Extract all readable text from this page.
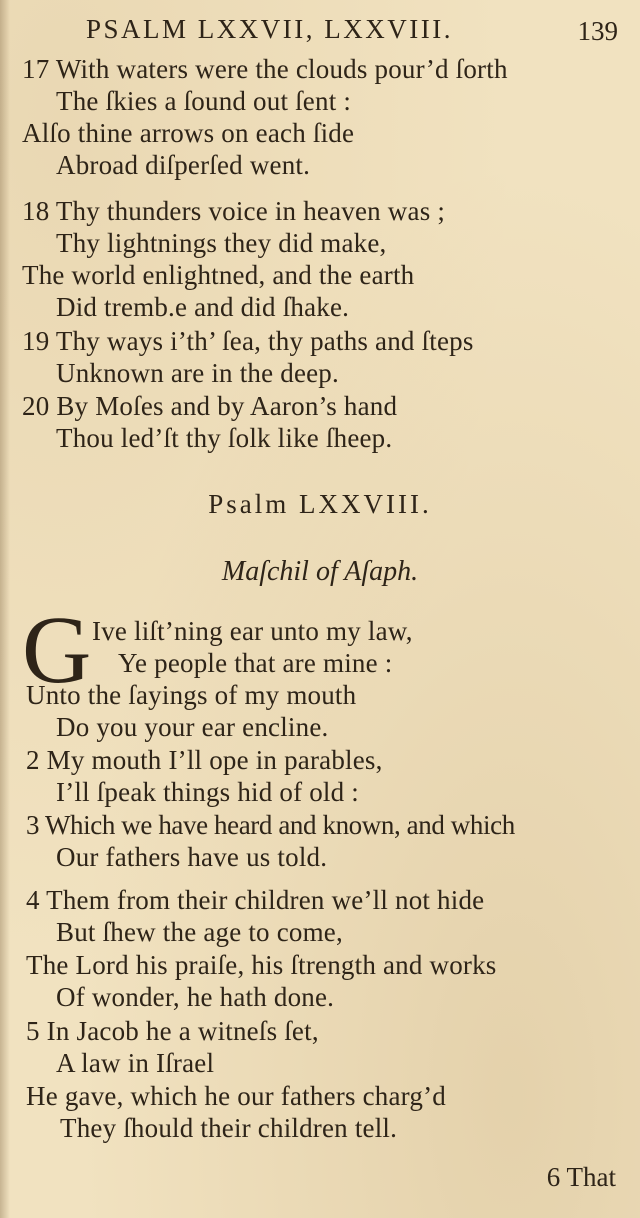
PSALM LXXVII, LXXVIII.	139
17 With waters were the clouds pour’d ſorth
The ſkies a ſound out ſent :
Alſo thine arrows on each ſide
Abroad diſperſed went.
18 Thy thunders voice in heaven was ;
Thy lightnings they did make,
The world enlightned, and the earth
Did tremb.e and did ſhake.
19 Thy ways i’th’ ſea, thy paths and ſteps
Unknown are in the deep.
20 By Moſes and by Aaron’s hand
Thou led’ſt thy ſolk like ſheep.
Psalm LXXVIII.
Maſchil of Aſaph.
G Ive liſt’ning ear unto my law,
Ye people that are mine :
Unto the ſayings of my mouth
Do you your ear encline.
2 My mouth I’ll ope in parables,
I’ll ſpeak things hid of old :
3 Which we have heard and known, and which
Our fathers have us told.
4 Them from their children we’ll not hide
But ſhew the age to come,
The Lord his praiſe, his ſtrength and works
Of wonder, he hath done.
5 In Jacob he a witneſs ſet,
A law in Iſrael
He gave, which he our fathers charg’d
They ſhould their children tell.
6 That
